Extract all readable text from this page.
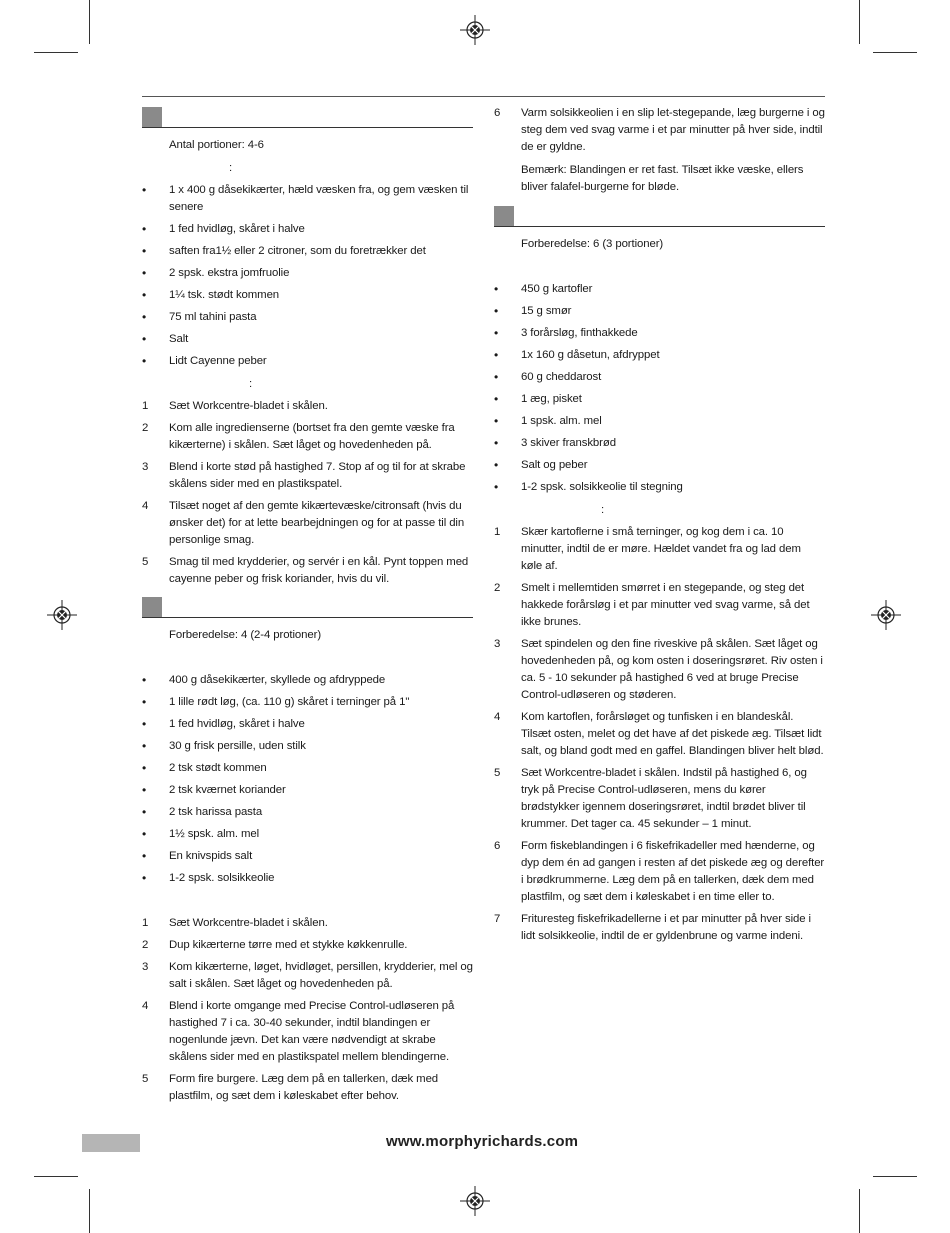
Antal portioner: 4-6
:
• 1 x 400 g dåsekikærter, hæld væsken fra, og gem væsken til senere
• 1 fed hvidløg, skåret i halve
• saften fra1½ eller 2 citroner, som du foretrækker det
• 2 spsk. ekstra jomfruolie
• 1¼ tsk. stødt kommen
• 75 ml tahini pasta
• Salt
• Lidt Cayenne peber
:
1 Sæt Workcentre-bladet i skålen.
2 Kom alle ingredienserne (bortset fra den gemte væske fra kikærterne) i skålen. Sæt låget og hovedenheden på.
3 Blend i korte stød på hastighed 7. Stop af og til for at skrabe skålens sider med en plastikspatel.
4 Tilsæt noget af den gemte kikærtevæske/citronsaft (hvis du ønsker det) for at lette bearbejdningen og for at passe til din personlige smag.
5 Smag til med krydderier, og servér i en kål. Pynt toppen med cayenne peber og frisk koriander, hvis du vil.
Forberedelse: 4 (2-4 protioner)
• 400 g dåsekikærter, skyllede og afdryppede
• 1 lille rødt løg, (ca. 110 g) skåret i terninger på 1"
• 1 fed hvidløg, skåret i halve
• 30 g frisk persille, uden stilk
• 2 tsk stødt kommen
• 2 tsk kværnet koriander
• 2 tsk harissa pasta
• 1½ spsk. alm. mel
• En knivspids salt
• 1-2 spsk. solsikkeolie
1 Sæt Workcentre-bladet i skålen.
2 Dup kikærterne tørre med et stykke køkkenrulle.
3 Kom kikærterne, løget, hvidløget, persillen, krydderier, mel og salt i skålen. Sæt låget og hovedenheden på.
4 Blend i korte omgange med Precise Control-udløseren på hastighed 7 i ca. 30-40 sekunder, indtil blandingen er nogenlunde jævn. Det kan være nødvendigt at skrabe skålens sider med en plastikspatel mellem blendingerne.
5 Form fire burgere. Læg dem på en tallerken, dæk med plastfilm, og sæt dem i køleskabet efter behov.
6 Varm solsikkeolien i en slip let-stegepande, læg burgerne i og steg dem ved svag varme i et par minutter på hver side, indtil de er gyldne.
Bemærk: Blandingen er ret fast. Tilsæt ikke væske, ellers bliver falafel-burgerne for bløde.
Forberedelse: 6 (3 portioner)
• 450 g kartofler
• 15 g smør
• 3 forårsløg, finthakkede
• 1x 160 g dåsetun, afdryppet
• 60 g cheddarost
• 1 æg, pisket
• 1 spsk. alm. mel
• 3 skiver franskbrød
• Salt og peber
• 1-2 spsk. solsikkeolie til stegning
:
1 Skær kartoflerne i små terninger, og kog dem i ca. 10 minutter, indtil de er møre. Hældet vandet fra og lad dem køle af.
2 Smelt i mellemtiden smørret i en stegepande, og steg det hakkede forårsløg i et par minutter ved svag varme, så det ikke brunes.
3 Sæt spindelen og den fine riveskive på skålen. Sæt låget og hovedenheden på, og kom osten i doseringsrøret. Riv osten i ca. 5 - 10 sekunder på hastighed 6 ved at bruge Precise Control-udløseren og støderen.
4 Kom kartoflen, forårsløget og tunfisken i en blandeskål. Tilsæt osten, melet og det have af det piskede æg. Tilsæt lidt salt, og bland godt med en gaffel. Blandingen bliver helt blød.
5 Sæt Workcentre-bladet i skålen. Indstil på hastighed 6, og tryk på Precise Control-udløseren, mens du kører brødstykker igennem doseringsrøret, indtil brødet bliver til krummer. Det tager ca. 45 sekunder – 1 minut.
6 Form fiskeblandingen i 6 fiskefrikadeller med hænderne, og dyp dem én ad gangen i resten af det piskede æg og derefter i brødkrummerne. Læg dem på en tallerken, dæk dem med plastfilm, og sæt dem i køleskabet i en time eller to.
7 Frituresteg fiskefrikadellerne i et par minutter på hver side i lidt solsikkeolie, indtil de er gyldenbrune og varme indeni.
www.morphyrichards.com
